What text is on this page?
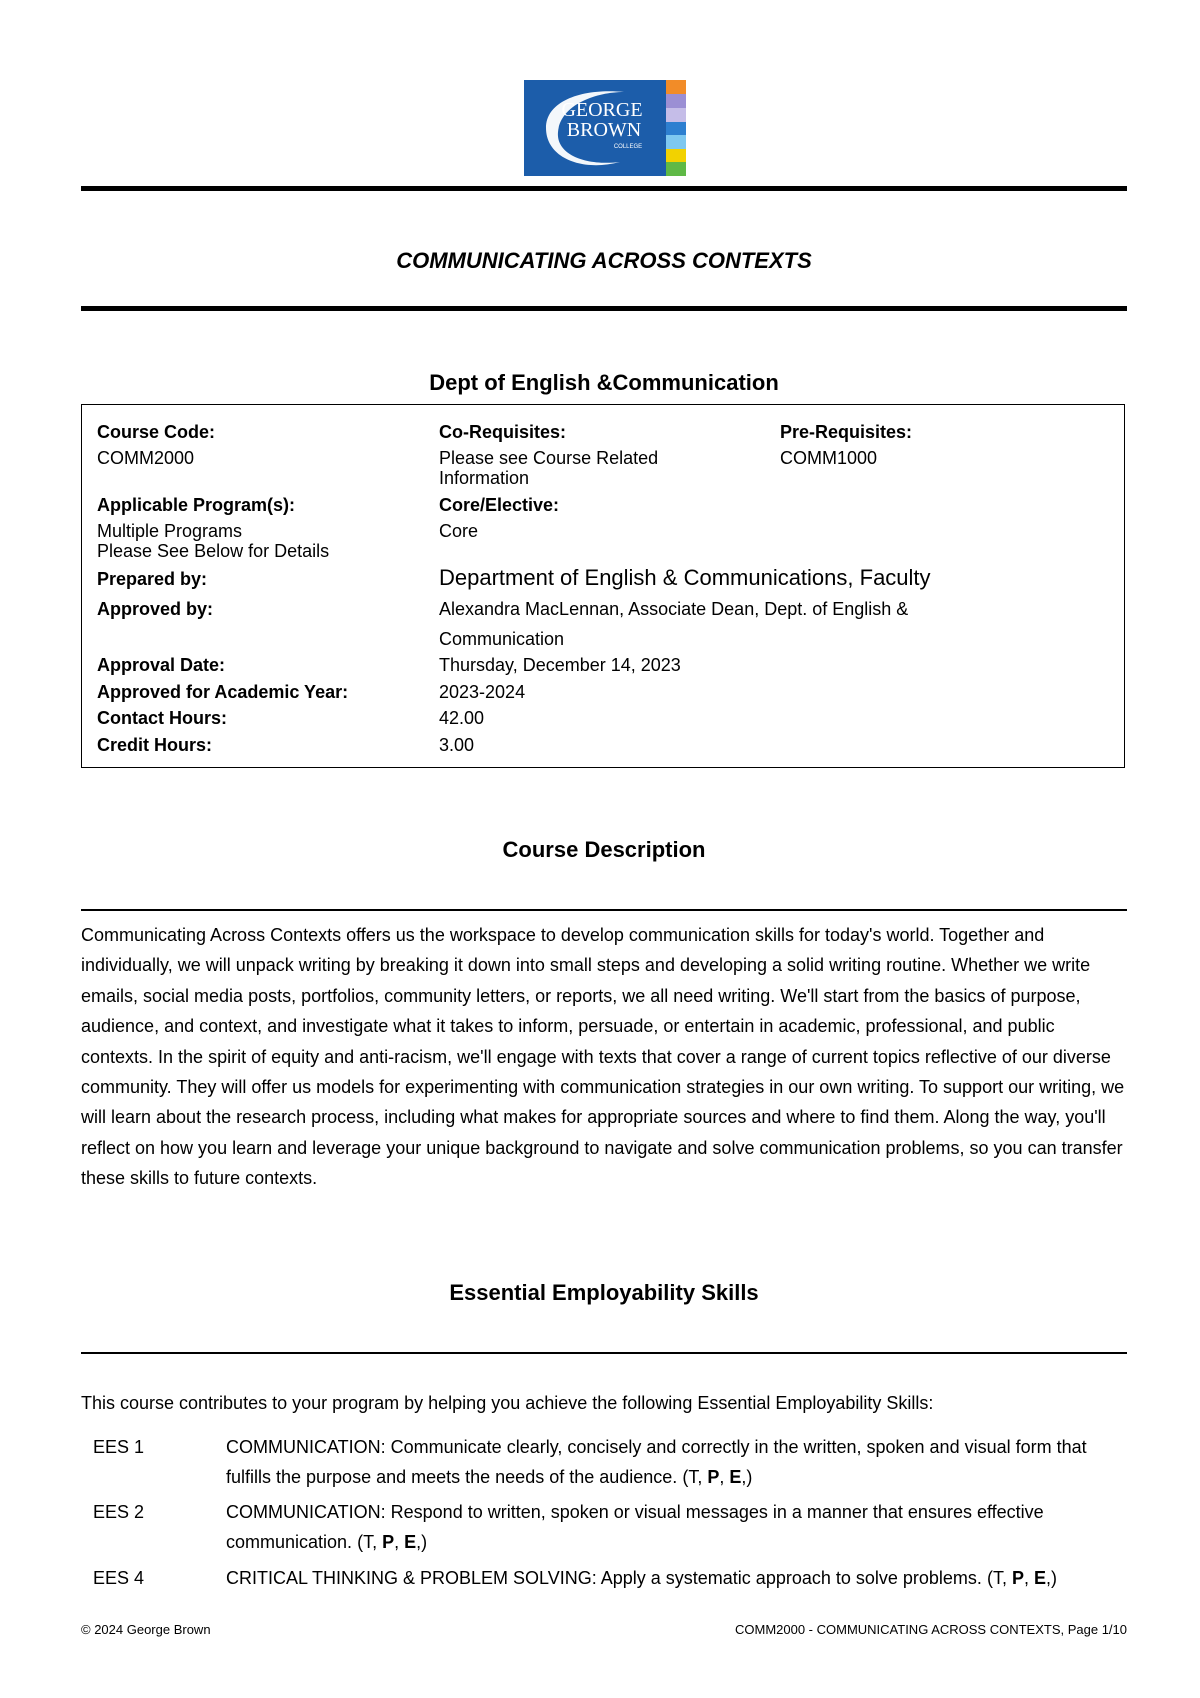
GEORGE
BROWN
COLLEGE
COMMUNICATING ACROSS CONTEXTS
Dept of English &Communication
Course Code:
COMM2000
Co-Requisites:
Please see Course Related
Information
Pre-Requisites:
COMM1000
Applicable Program(s):
Multiple Programs
Please See Below for Details
Core/Elective:
Core
Prepared by:	Department of English & Communications, Faculty
Approved by:	Alexandra MacLennan, Associate Dean, Dept. of English &
Communication
Approval Date:	Thursday, December 14, 2023
Approved for Academic Year:	2023-2024
Contact Hours:	42.00
Credit Hours:	3.00
Course Description

Communicating Across Contexts offers us the workspace to develop communication skills for today's world. Together and individually, we will unpack writing by breaking it down into small steps and developing a solid writing routine. Whether we write emails, social media posts, portfolios, community letters, or reports, we all need writing. We'll start from the basics of purpose, audience, and context, and investigate what it takes to inform, persuade, or entertain in academic, professional, and public contexts. In the spirit of equity and anti-racism, we'll engage with texts that cover a range of current topics reflective of our diverse community. They will offer us models for experimenting with communication strategies in our own writing. To support our writing, we will learn about the research process, including what makes for appropriate sources and where to find them. Along the way, you'll reflect on how you learn and leverage your unique background to navigate and solve communication problems, so you can transfer these skills to future contexts.

Essential Employability Skills

This course contributes to your program by helping you achieve the following Essential Employability Skills:

EES 1	COMMUNICATION: Communicate clearly, concisely and correctly in the written, spoken and visual form that fulfills the purpose and meets the needs of the audience. (T, P, E,)

EES 2	COMMUNICATION: Respond to written, spoken or visual messages in a manner that ensures effective communication. (T, P, E,)

EES 4	CRITICAL THINKING & PROBLEM SOLVING: Apply a systematic approach to solve problems. (T, P, E,)

© 2024 George Brown	COMM2000 - COMMUNICATING ACROSS CONTEXTS, Page 1/10
